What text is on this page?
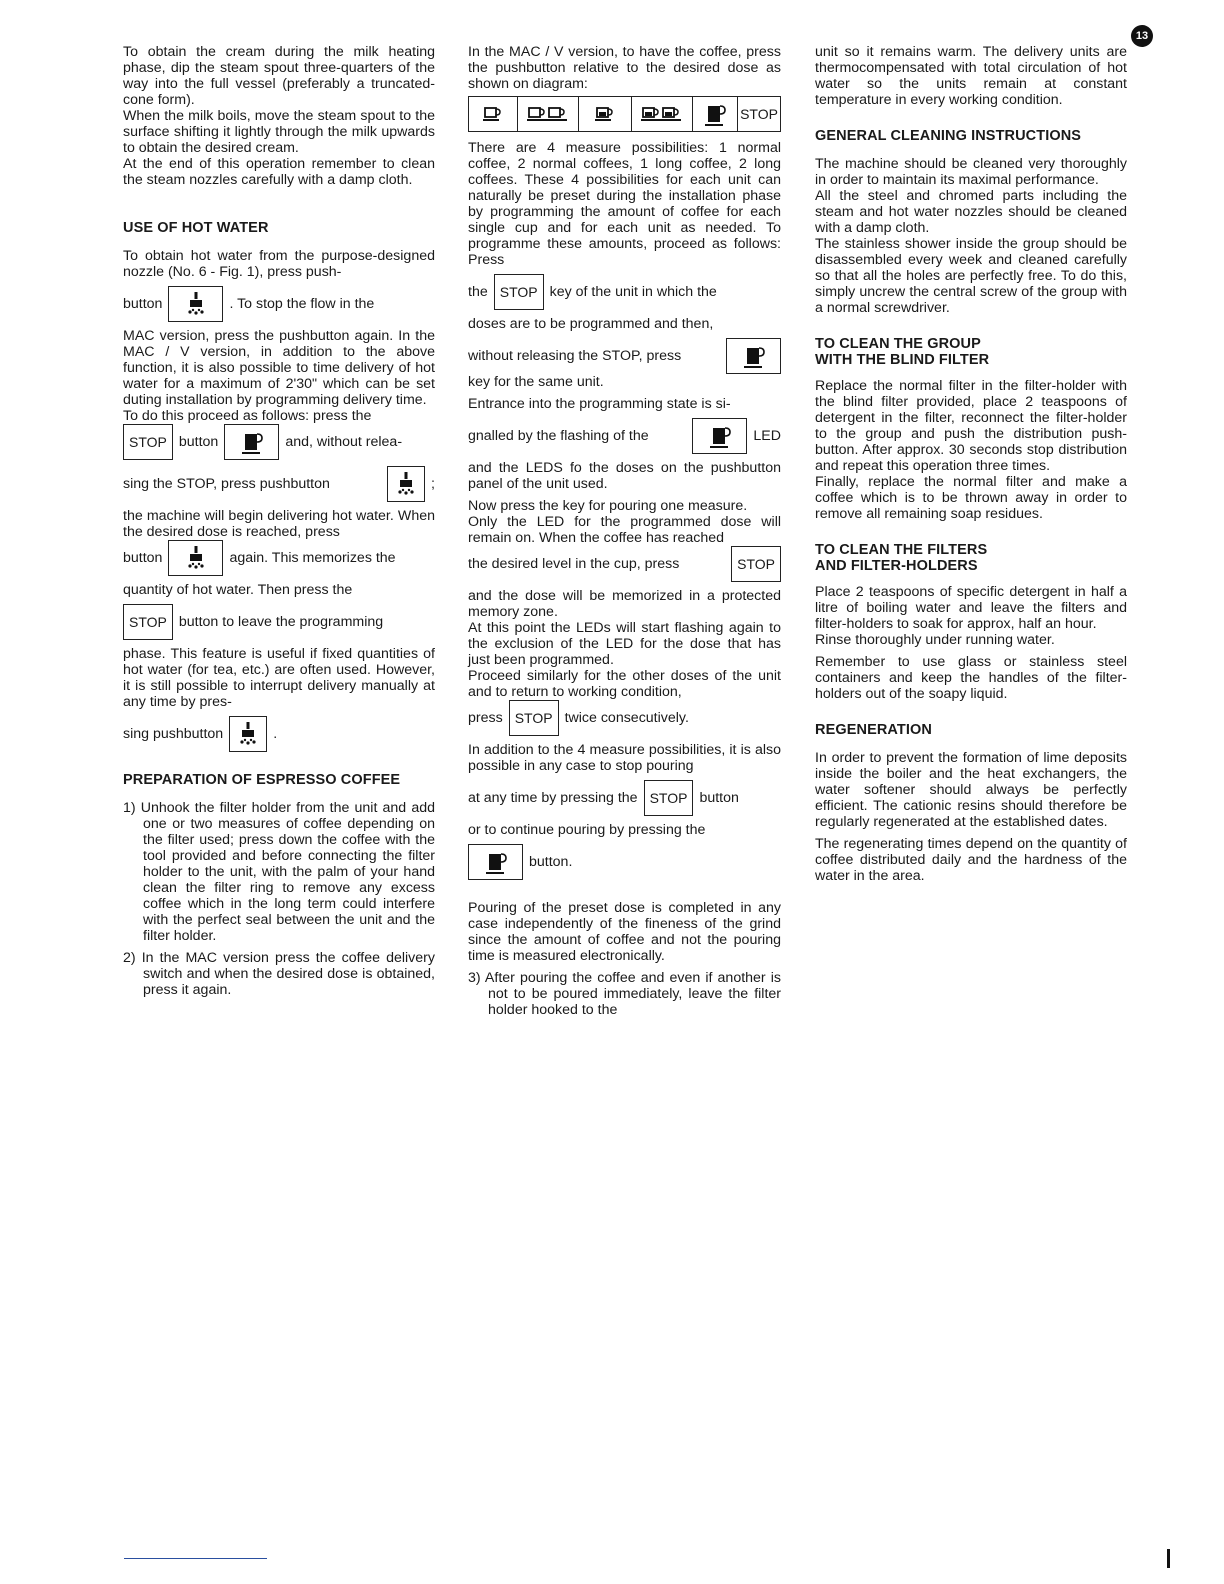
13

To obtain the cream during the milk heating phase, dip the steam spout three-quarters of the way into the full vessel (preferably a truncated-cone form).

When the milk boils, move the steam spout to the surface shifting it lightly through the milk upwards to obtain the desired cream.

At the end of this operation remember to clean the steam nozzles carefully with a damp cloth.

USE OF HOT WATER

To obtain hot water from the purpose-designed nozzle (No. 6 - Fig. 1), press push-

button	. To stop the flow in the

MAC version, press the pushbutton again. In the MAC / V version, in addition to the above function, it is also possible to time delivery of hot water for a maximum of 2'30" which can be set duting installation by programming delivery time.

To do this proceed as follows: press the

STOP button	and, without relea-
sing the STOP, press pushbutton	;

the machine will begin delivering hot water. When the desired dose is reached, press

button	again. This memorizes the

quantity of hot water. Then press the

STOP button to leave the programming

phase. This feature is useful if fixed quantities of hot water (for tea, etc.) are often used. However, it is still possible to interrupt delivery manually at any time by pres-

sing pushbutton	.
PREPARATION OF ESPRESSO COFFEE

1) Unhook the filter holder from the unit and add one or two measures of coffee depending on the filter used; press down the coffee with the tool provided and before connecting the filter holder to the unit, with the palm of your hand clean the filter ring to remove any excess coffee which in the long term could interfere with the perfect seal between the unit and the filter holder.

2) In the MAC version press the coffee delivery switch and when the desired dose is obtained, press it again.

In the MAC / V version, to have the coffee, press the pushbutton relative to the desired dose as shown on diagram:

STOP

There are 4 measure possibilities: 1 normal coffee, 2 normal coffees, 1 long coffee, 2 long coffees. These 4 possibilities for each unit can naturally be preset during the installation phase by programming the amount of coffee for each single cup and for each unit as needed. To programme these amounts, proceed as follows: Press

the STOP key of the unit in which the

doses are to be programmed and then,

without releasing the STOP, press

key for the same unit.

Entrance into the programming state is si-

gnalled by the flashing of the	LED

and the LEDS fo the doses on the pushbutton panel of the unit used.

Now press the key for pouring one measure.

Only the LED for the programmed dose will remain on. When the coffee has reached

the desired level in the cup, press	STOP

and the dose will be memorized in a protected memory zone.

At this point the LEDs will start flashing again to the exclusion of the LED for the dose that has just been programmed.

Proceed similarly for the other doses of the unit and to return to working condition,

press STOP twice consecutively.

In addition to the 4 measure possibilities, it is also possible in any case to stop pouring

at any time by pressing the STOP button

or to continue pouring by pressing the

button.

Pouring of the preset dose is completed in any case independently of the fineness of the grind since the amount of coffee and not the pouring time is measured electronically.

3) After pouring the coffee and even if another is not to be poured immediately, leave the filter holder hooked to the

unit so it remains warm. The delivery units are thermocompensated with total circulation of hot water so the units remain at constant temperature in every working condition.

GENERAL CLEANING INSTRUCTIONS

The machine should be cleaned very thoroughly in order to maintain its maximal performance.

All the steel and chromed parts including the steam and hot water nozzles should be cleaned with a damp cloth.

The stainless shower inside the group should be disassembled every week and cleaned carefully so that all the holes are perfectly free. To do this, simply uncrew the central screw of the group with a normal screwdriver.

TO CLEAN THE GROUP
WITH THE BLIND FILTER

Replace the normal filter in the filter-holder with the blind filter provided, place 2 teaspoons of detergent in the filter, reconnect the filter-holder to the group and push the distribution push-button. After approx. 30 seconds stop distribution and repeat this operation three times.

Finally, replace the normal filter and make a coffee which is to be thrown away in order to remove all remaining soap residues.

TO CLEAN THE FILTERS
AND FILTER-HOLDERS

Place 2 teaspoons of specific detergent in half a litre of boiling water and leave the filters and filter-holders to soak for approx, half an hour.

Rinse thoroughly under running water.

Remember to use glass or stainless steel containers and keep the handles of the filter-holders out of the soapy liquid.

REGENERATION

In order to prevent the formation of lime deposits inside the boiler and the heat exchangers, the water softener should always be perfectly efficient. The cationic resins should therefore be regularly regenerated at the established dates.

The regenerating times depend on the quantity of coffee distributed daily and the hardness of the water in the area.
